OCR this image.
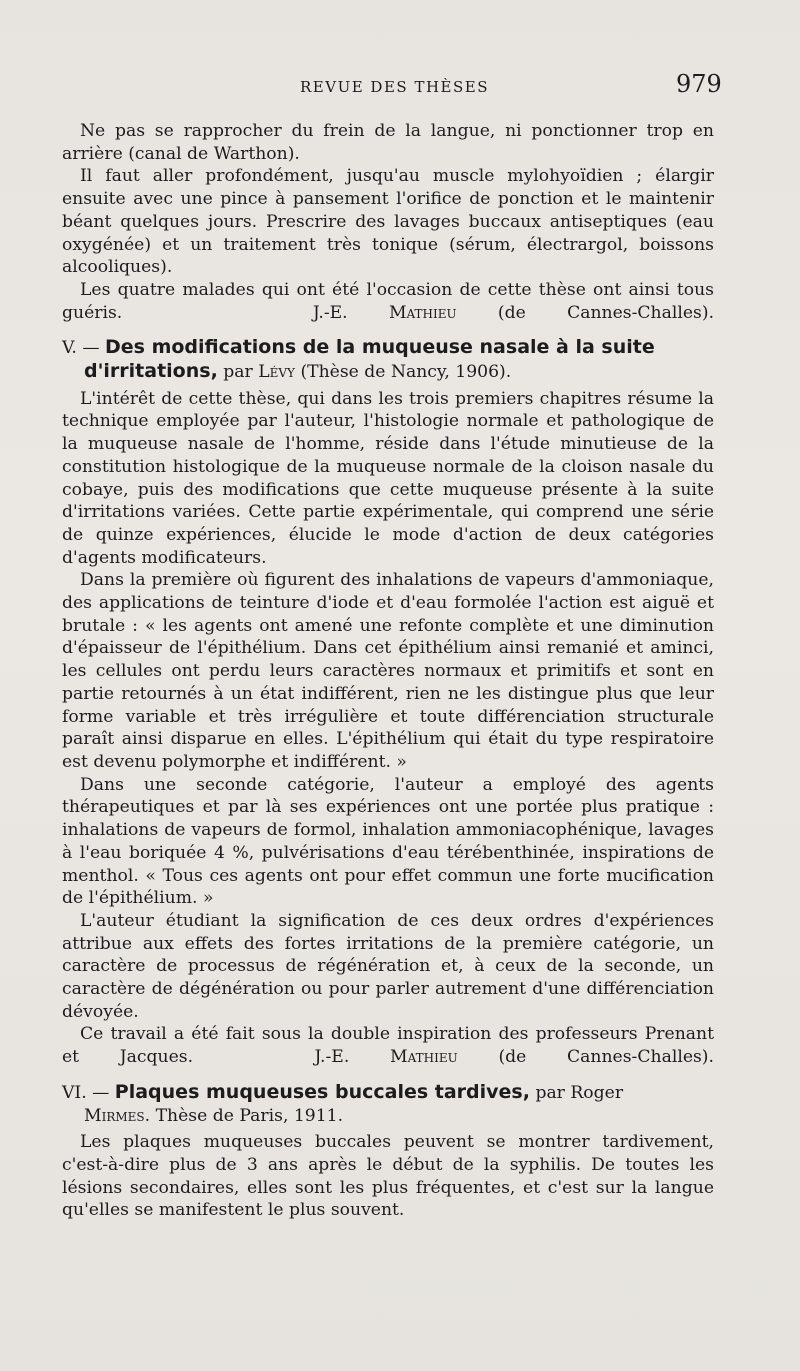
REVUE DES THÈSES	979

Ne pas se rapprocher du frein de la langue, ni ponctionner trop en arrière (canal de Warthon).

Il faut aller profondément, jusqu'au muscle mylohyoïdien ; élargir ensuite avec une pince à pansement l'orifice de ponction et le maintenir béant quelques jours. Prescrire des lavages buccaux antiseptiques (eau oxygénée) et un traitement très tonique (sérum, électrargol, boissons alcooliques).

Les quatre malades qui ont été l'occasion de cette thèse ont ainsi tous guéris.	J.-E. Mathieu (de Cannes-Challes).

V. — Des modifications de la muqueuse nasale à la suite
d'irritations, par Lévy (Thèse de Nancy, 1906).

L'intérêt de cette thèse, qui dans les trois premiers chapitres résume la technique employée par l'auteur, l'histologie normale et pathologique de la muqueuse nasale de l'homme, réside dans l'étude minutieuse de la constitution histologique de la muqueuse normale de la cloison nasale du cobaye, puis des modifications que cette muqueuse présente à la suite d'irritations variées. Cette partie expérimentale, qui comprend une série de quinze expériences, élucide le mode d'action de deux catégories d'agents modificateurs.

Dans la première où figurent des inhalations de vapeurs d'ammoniaque, des applications de teinture d'iode et d'eau formolée l'action est aiguë et brutale : « les agents ont amené une refonte complète et une diminution d'épaisseur de l'épithélium. Dans cet épithélium ainsi remanié et aminci, les cellules ont perdu leurs caractères normaux et primitifs et sont en partie retournés à un état indifférent, rien ne les distingue plus que leur forme variable et très irrégulière et toute différenciation structurale paraît ainsi disparue en elles. L'épithélium qui était du type respiratoire est devenu polymorphe et indifférent. »

Dans une seconde catégorie, l'auteur a employé des agents thérapeutiques et par là ses expériences ont une portée plus pratique : inhalations de vapeurs de formol, inhalation ammoniacophénique, lavages à l'eau boriquée 4 %, pulvérisations d'eau térébenthinée, inspirations de menthol. « Tous ces agents ont pour effet commun une forte mucification de l'épithélium. »

L'auteur étudiant la signification de ces deux ordres d'expériences attribue aux effets des fortes irritations de la première catégorie, un caractère de processus de régénération et, à ceux de la seconde, un caractère de dégénération ou pour parler autrement d'une différenciation dévoyée.

Ce travail a été fait sous la double inspiration des professeurs Prenant et Jacques.	J.-E. Mathieu (de Cannes-Challes).

VI. — Plaques muqueuses buccales tardives, par Roger
Mirmes. Thèse de Paris, 1911.

Les plaques muqueuses buccales peuvent se montrer tardivement, c'est-à-dire plus de 3 ans après le début de la syphilis. De toutes les lésions secondaires, elles sont les plus fréquentes, et c'est sur la langue qu'elles se manifestent le plus souvent.
